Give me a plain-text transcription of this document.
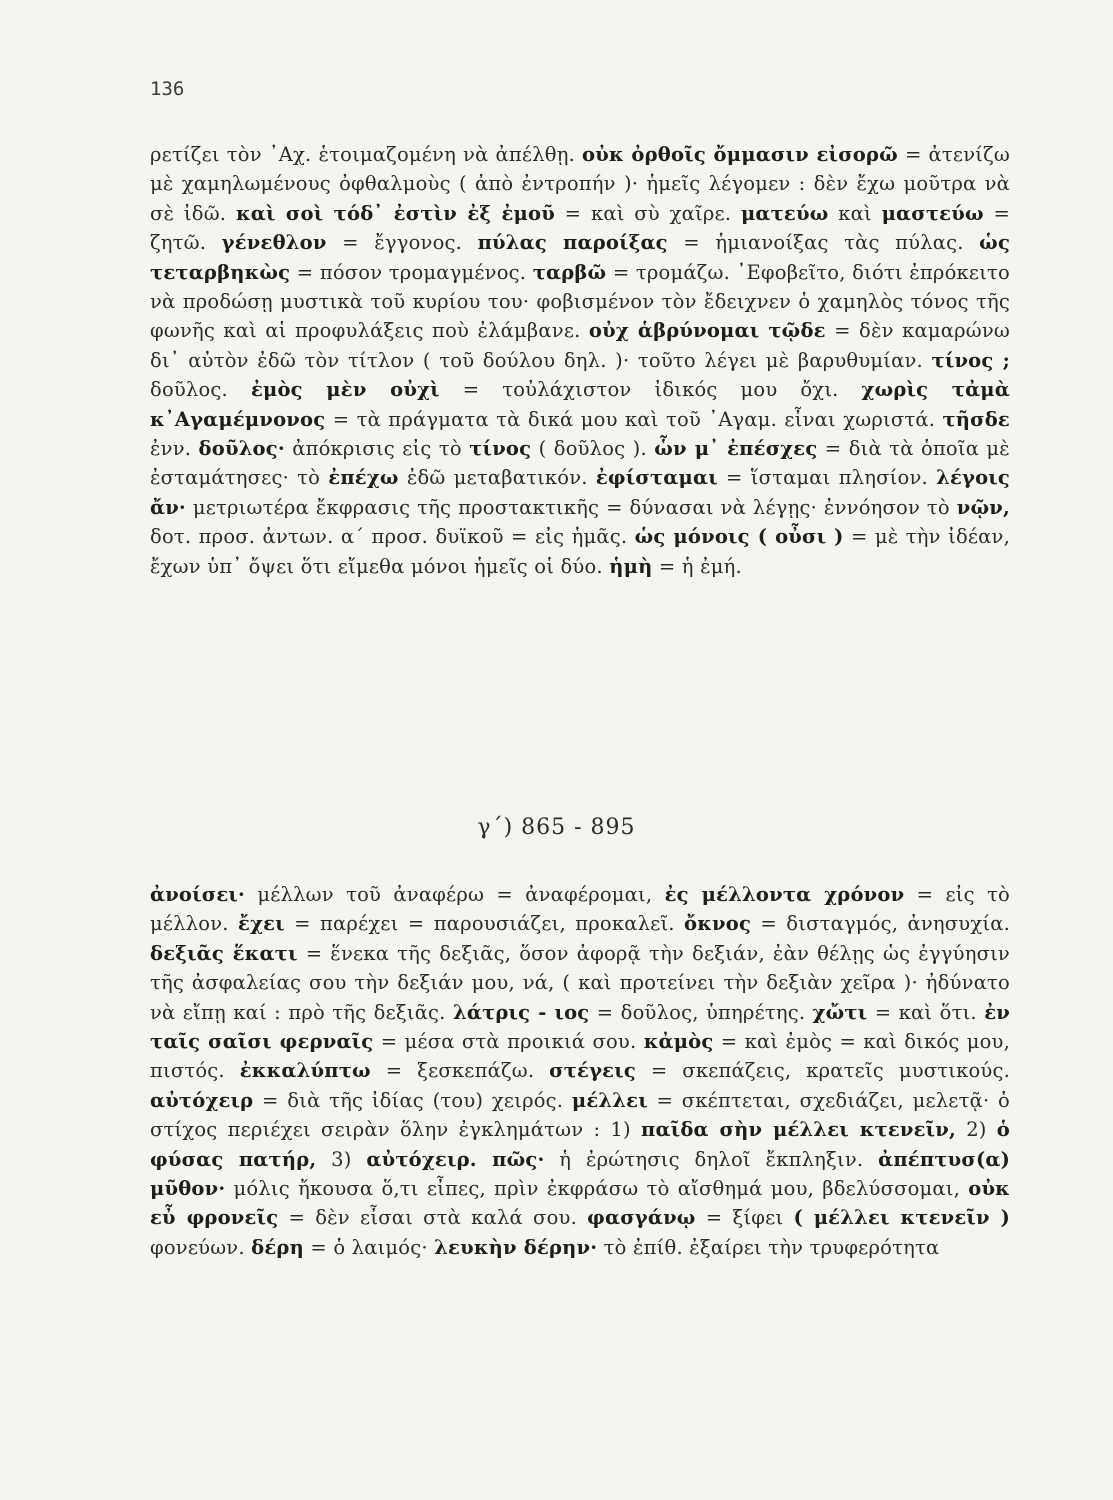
136

ρετίζει τὸν ᾿Αχ. ἑτοιμαζομένη νὰ ἀπέλθῃ. οὐκ ὀρθοῖς ὄμμασιν εἰσορῶ = ἀτενίζω μὲ χαμηλωμένους ὀφθαλμοὺς ( ἀπὸ ἐντροπήν )· ἡμεῖς λέγομεν : δὲν ἔχω μοῦτρα νὰ σὲ ἰδῶ. καὶ σοὶ τόδ᾿ ἐστὶν ἐξ ἐμοῦ = καὶ σὺ χαῖρε. ματεύω καὶ μαστεύω = ζητῶ. γένεθλον = ἔγγονος. πύλας παροίξας = ἡμιανοίξας τὰς πύλας. ὡς τεταρβηκὼς = πόσον τρομαγμένος. ταρβῶ = τρομάζω. ᾿Εφοβεῖτο, διότι ἐπρόκειτο νὰ προδώσῃ μυστικὰ τοῦ κυρίου του· φοβισμένον τὸν ἔδειχνεν ὁ χαμηλὸς τόνος τῆς φωνῆς καὶ αἱ προφυλάξεις ποὺ ἐλάμβανε. οὐχ ἁβρύνομαι τῷδε = δὲν καμαρώνω δι᾿ αὐτὸν ἐδῶ τὸν τίτλον ( τοῦ δούλου δηλ. )· τοῦτο λέγει μὲ βαρυθυμίαν. τίνος ; δοῦλος. ἐμὸς μὲν οὐχὶ = τοὐλάχιστον ἰδικός μου ὄχι. χωρὶς τἀμὰ κ᾿Αγαμέμνονος = τὰ πράγματα τὰ δικά μου καὶ τοῦ ᾿Αγαμ. εἶναι χωριστά. τῆσδε ἐνν. δοῦλος· ἀπόκρισις εἰς τὸ τίνος ( δοῦλος ). ὧν μ᾿ ἐπέσχες = διὰ τὰ ὁποῖα μὲ ἐσταμάτησες· τὸ ἐπέχω ἐδῶ μεταβατικόν. ἐφίσταμαι = ἵσταμαι πλησίον. λέγοις ἄν· μετριωτέρα ἔκφρασις τῆς προστακτικῆς = δύνασαι νὰ λέγῃς· ἐννόησον τὸ νῷν, δοτ. προσ. ἀντων. α΄ προσ. δυϊκοῦ = εἰς ἡμᾶς. ὡς μόνοις ( οὖσι ) = μὲ τὴν ἰδέαν, ἔχων ὑπ᾿ ὄψει ὅτι εἴμεθα μόνοι ἡμεῖς οἱ δύο. ἡμὴ = ἡ ἐμή.

γ΄) 865 - 895

ἀνοίσει· μέλλων τοῦ ἀναφέρω = ἀναφέρομαι, ἐς μέλλοντα χρόνον = εἰς τὸ μέλλον. ἔχει = παρέχει = παρουσιάζει, προκαλεῖ. ὄκνος = δισταγμός, ἀνησυχία. δεξιᾶς ἕκατι = ἕνεκα τῆς δεξιᾶς, ὅσον ἀφορᾷ τὴν δεξιάν, ἐὰν θέλῃς ὡς ἐγγύησιν τῆς ἀσφαλείας σου τὴν δεξιάν μου, νά, ( καὶ προτείνει τὴν δεξιὰν χεῖρα )· ἠδύνατο νὰ εἴπῃ καί : πρὸ τῆς δεξιᾶς. λάτρις - ιος = δοῦλος, ὑπηρέτης. χὤτι = καὶ ὅτι. ἐν ταῖς σαῖσι φερναῖς = μέσα στὰ προικιά σου. κἀμὸς = καὶ ἐμὸς = καὶ δικός μου, πιστός. ἐκκαλύπτω = ξεσκεπάζω. στέγεις = σκεπάζεις, κρατεῖς μυστικούς. αὐτόχειρ = διὰ τῆς ἰδίας (του) χειρός. μέλλει = σκέπτεται, σχεδιάζει, μελετᾷ· ὁ στίχος περιέχει σειρὰν ὅλην ἐγκλημάτων : 1) παῖδα σὴν μέλλει κτενεῖν, 2) ὁ φύσας πατήρ, 3) αὐτόχειρ. πῶς· ἡ ἐρώτησις δηλοῖ ἔκπληξιν. ἀπέπτυσ(α) μῦθον· μόλις ἤκουσα ὅ,τι εἶπες, πρὶν ἐκφράσω τὸ αἴσθημά μου, βδελύσσομαι, οὐκ εὖ φρονεῖς = δὲν εἶσαι στὰ καλά σου. φασγάνῳ = ξίφει ( μέλλει κτενεῖν ) φονεύων. δέρη = ὁ λαιμός· λευκὴν δέρην· τὸ ἐπίθ. ἐξαίρει τὴν τρυφερότητα
